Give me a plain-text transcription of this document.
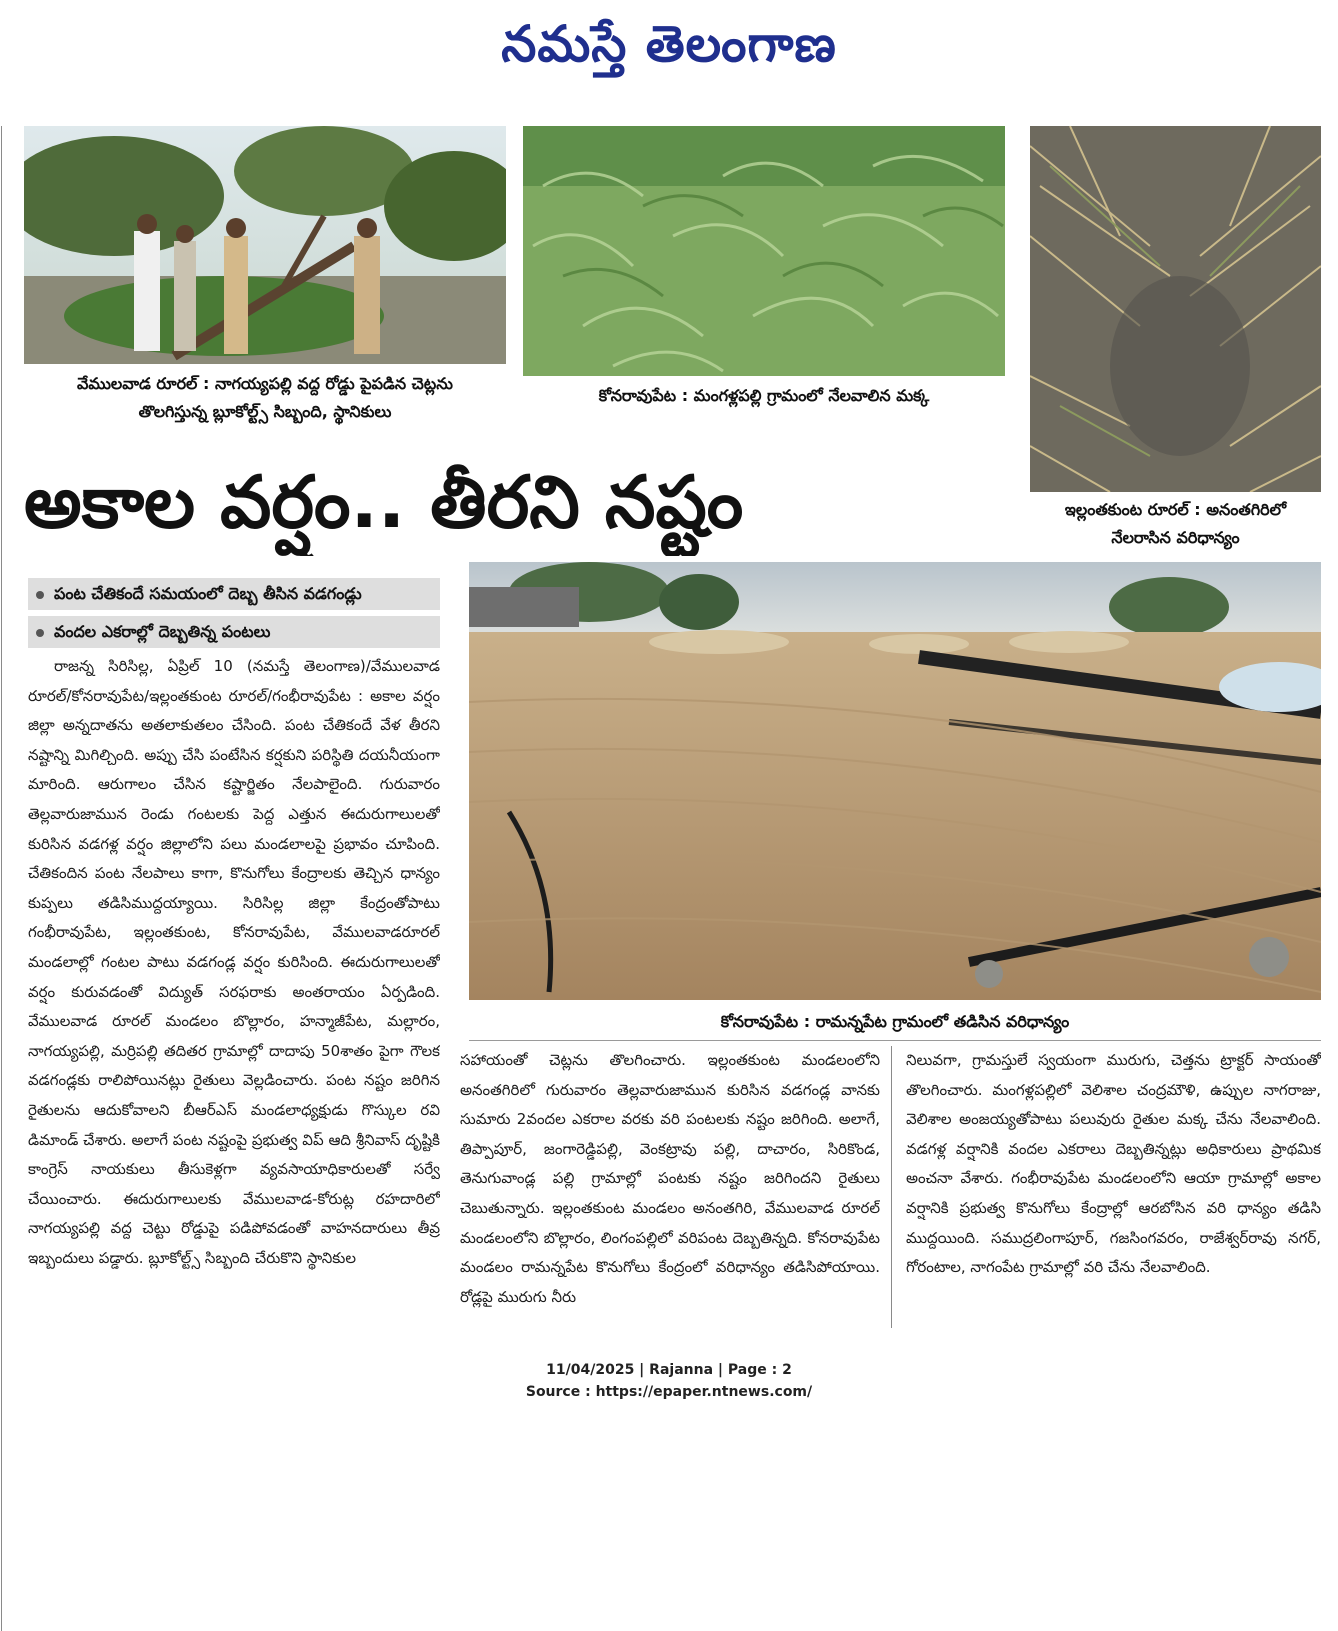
నమస్తే తెలంగాణ
వేములవాడ రూరల్‌ : నాగయ్యపల్లి వద్ద రోడ్డు పైపడిన చెట్లను
తొలగిస్తున్న బ్లూకోల్ట్స్‌ సిబ్బంది, స్థానికులు
కోనరావుపేట : మంగళ్లపల్లి గ్రామంలో నేలవాలిన మక్క
ఇల్లంతకుంట రూరల్‌ : అనంతగిరిలో
నేలరాసిన వరిధాన్యం
అకాల వర్షం.. తీరని నష్టం
పంట చేతికందే సమయంలో దెబ్బ తీసిన వడగండ్లు
వందల ఎకరాల్లో దెబ్బతిన్న పంటలు
కోనరావుపేట : రామన్నపేట గ్రామంలో తడిసిన వరిధాన్యం

రాజన్న సిరిసిల్ల, ఏప్రిల్‌ 10 (నమస్తే తెలంగాణ)/వేములవాడ రూరల్‌/కోనరావుపేట/ఇల్లంతకుంట రూరల్‌/గంభీరావుపేట : అకాల వర్షం జిల్లా అన్నదాతను అతలాకుతలం చేసింది. పంట చేతికందే వేళ తీరని నష్టాన్ని మిగిల్చింది. అప్పు చేసి పంటేసిన కర్షకుని పరిస్థితి దయనీయంగా మారింది. ఆరుగాలం చేసిన కష్టార్జితం నేలపాలైంది. గురువారం తెల్లవారుజామున రెండు గంటలకు పెద్ద ఎత్తున ఈదురుగాలులతో కురిసిన వడగళ్ల వర్షం జిల్లాలోని పలు మండలాలపై ప్రభావం చూపింది. చేతికందిన పంట నేలపాలు కాగా, కొనుగోలు కేంద్రాలకు తెచ్చిన ధాన్యం కుప్పలు తడిసిముద్దయ్యాయి. సిరిసిల్ల జిల్లా కేంద్రంతోపాటు గంభీరావుపేట, ఇల్లంతకుంట, కోనరావుపేట, వేములవాడరూరల్‌ మండలాల్లో గంటల పాటు వడగండ్ల వర్షం కురిసింది. ఈదురుగాలులతో వర్షం కురువడంతో విద్యుత్‌ సరఫరాకు అంతరాయం ఏర్పడింది. వేములవాడ రూరల్‌ మండలం బొల్లారం, హన్మాజీపేట, మల్లారం, నాగయ్యపల్లి, మర్రిపల్లి తదితర గ్రామాల్లో దాదాపు 50శాతం పైగా గౌలక వడగండ్లకు రాలిపోయినట్లు రైతులు వెల్లడించారు. పంట నష్టం జరిగిన రైతులను ఆదుకోవాలని బీఆర్‌ఎస్‌ మండలాధ్యక్షుడు గొస్కుల రవి డిమాండ్‌ చేశారు. అలాగే పంట నష్టంపై ప్రభుత్వ విప్‌ ఆది శ్రీనివాస్‌ దృష్టికి కాంగ్రెస్‌ నాయకులు తీసుకెళ్లగా వ్యవసాయాధికారులతో సర్వే చేయించారు. ఈదురుగాలులకు వేములవాడ-కోరుట్ల రహదారిలో నాగయ్యపల్లి వద్ద చెట్టు రోడ్డుపై పడిపోవడంతో వాహనదారులు తీవ్ర ఇబ్బందులు పడ్డారు. బ్లూకోల్ట్స్‌ సిబ్బంది చేరుకొని స్థానికుల

సహాయంతో చెట్లను తొలగించారు. ఇల్లంతకుంట మండలంలోని అనంతగిరిలో గురువారం తెల్లవారుజామున కురిసిన వడగండ్ల వానకు సుమారు 2వందల ఎకరాల వరకు వరి పంటలకు నష్టం జరిగింది. అలాగే, తిప్పాపూర్‌, జంగారెడ్డిపల్లి, వెంకట్రావు పల్లి, దాచారం, సిరికొండ, తెనుగువాండ్ల పల్లి గ్రామాల్లో పంటకు నష్టం జరిగిందని రైతులు చెబుతున్నారు. ఇల్లంతకుంట మండలం అనంతగిరి, వేములవాడ రూరల్‌ మండలంలోని బొల్లారం, లింగంపల్లిలో వరిపంట దెబ్బతిన్నది. కోనరావుపేట మండలం రామన్నపేట కొనుగోలు కేంద్రంలో వరిధాన్యం తడిసిపోయాయి. రోడ్లపై మురుగు నీరు

నిలువగా, గ్రామస్తులే స్వయంగా మురుగు, చెత్తను ట్రాక్టర్‌ సాయంతో తొలగించారు. మంగళ్లపల్లిలో వెలిశాల చంద్రమౌళి, ఉప్పుల నాగరాజు, వెలిశాల అంజయ్యతోపాటు పలువురు రైతుల మక్క చేను నేలవాలింది. వడగళ్ల వర్షానికి వందల ఎకరాలు దెబ్బతిన్నట్లు అధికారులు ప్రాథమిక అంచనా వేశారు. గంభీరావుపేట మండలంలోని ఆయా గ్రామాల్లో అకాల వర్షానికి ప్రభుత్వ కొనుగోలు కేంద్రాల్లో ఆరబోసిన వరి ధాన్యం తడిసి ముద్దయింది. సముద్రలింగాపూర్‌, గజసింగవరం, రాజేశ్వర్‌రావు నగర్‌, గోరంటాల, నాగంపేట గ్రామాల్లో వరి చేను నేలవాలింది.

11/04/2025 | Rajanna | Page : 2
Source : https://epaper.ntnews.com/
